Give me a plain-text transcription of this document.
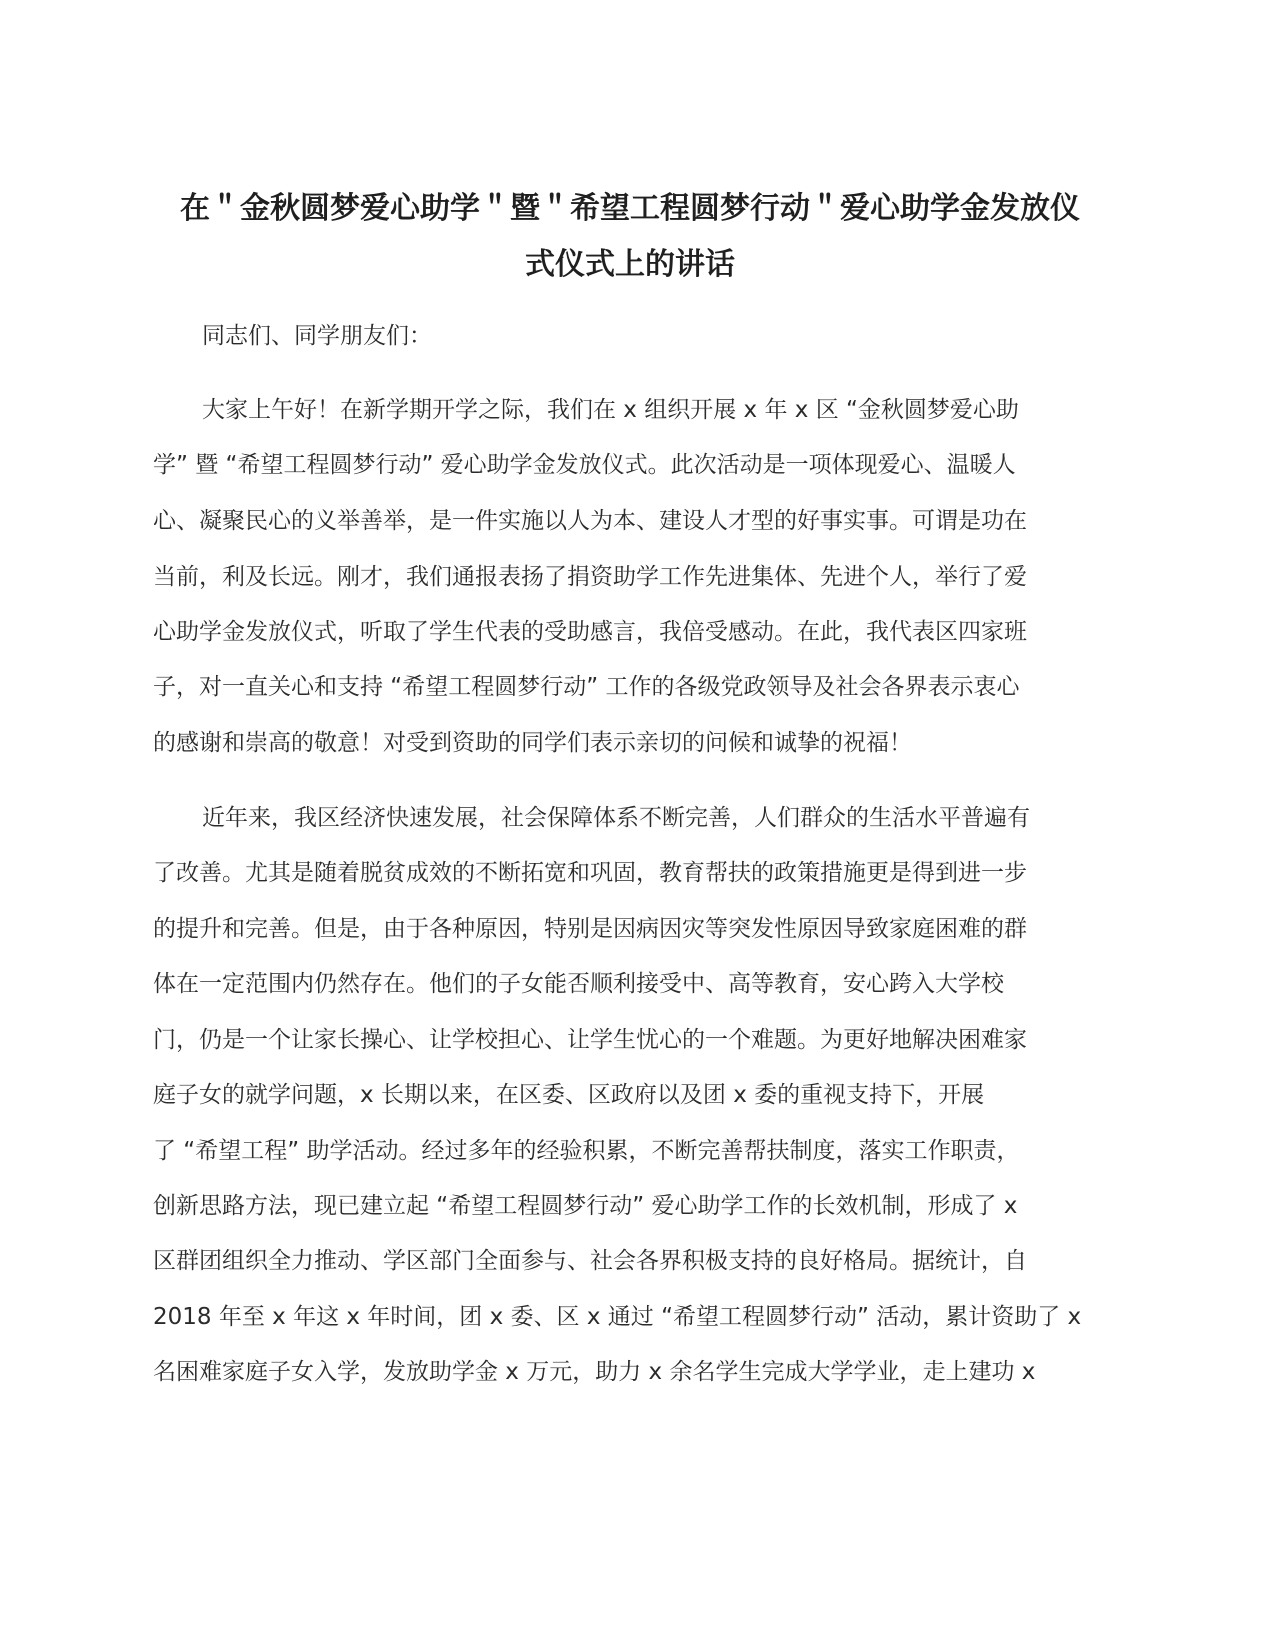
在＂金秋圆梦爱心助学＂暨＂希望工程圆梦行动＂爱心助学金发放仪
式仪式上的讲话
同志们、同学朋友们：
大家上午好！在新学期开学之际，我们在 x 组织开展 x 年 x 区 “金秋圆梦爱心助
学” 暨 “希望工程圆梦行动” 爱心助学金发放仪式。此次活动是一项体现爱心、温暖人
心、凝聚民心的义举善举，是一件实施以人为本、建设人才型的好事实事。可谓是功在
当前，利及长远。刚才，我们通报表扬了捐资助学工作先进集体、先进个人，举行了爱
心助学金发放仪式，听取了学生代表的受助感言，我倍受感动。在此，我代表区四家班
子，对一直关心和支持 “希望工程圆梦行动” 工作的各级党政领导及社会各界表示衷心
的感谢和崇高的敬意！对受到资助的同学们表示亲切的问候和诚挚的祝福！
近年来，我区经济快速发展，社会保障体系不断完善，人们群众的生活水平普遍有
了改善。尤其是随着脱贫成效的不断拓宽和巩固，教育帮扶的政策措施更是得到进一步
的提升和完善。但是，由于各种原因，特别是因病因灾等突发性原因导致家庭困难的群
体在一定范围内仍然存在。他们的子女能否顺利接受中、高等教育，安心跨入大学校
门，仍是一个让家长操心、让学校担心、让学生忧心的一个难题。为更好地解决困难家
庭子女的就学问题，x 长期以来，在区委、区政府以及团 x 委的重视支持下，开展
了 “希望工程” 助学活动。经过多年的经验积累，不断完善帮扶制度，落实工作职责，
创新思路方法，现已建立起 “希望工程圆梦行动” 爱心助学工作的长效机制，形成了 x
区群团组织全力推动、学区部门全面参与、社会各界积极支持的良好格局。据统计，自
2018 年至 x 年这 x 年时间，团 x 委、区 x 通过 “希望工程圆梦行动” 活动，累计资助了 x
名困难家庭子女入学，发放助学金 x 万元，助力 x 余名学生完成大学学业，走上建功 x
